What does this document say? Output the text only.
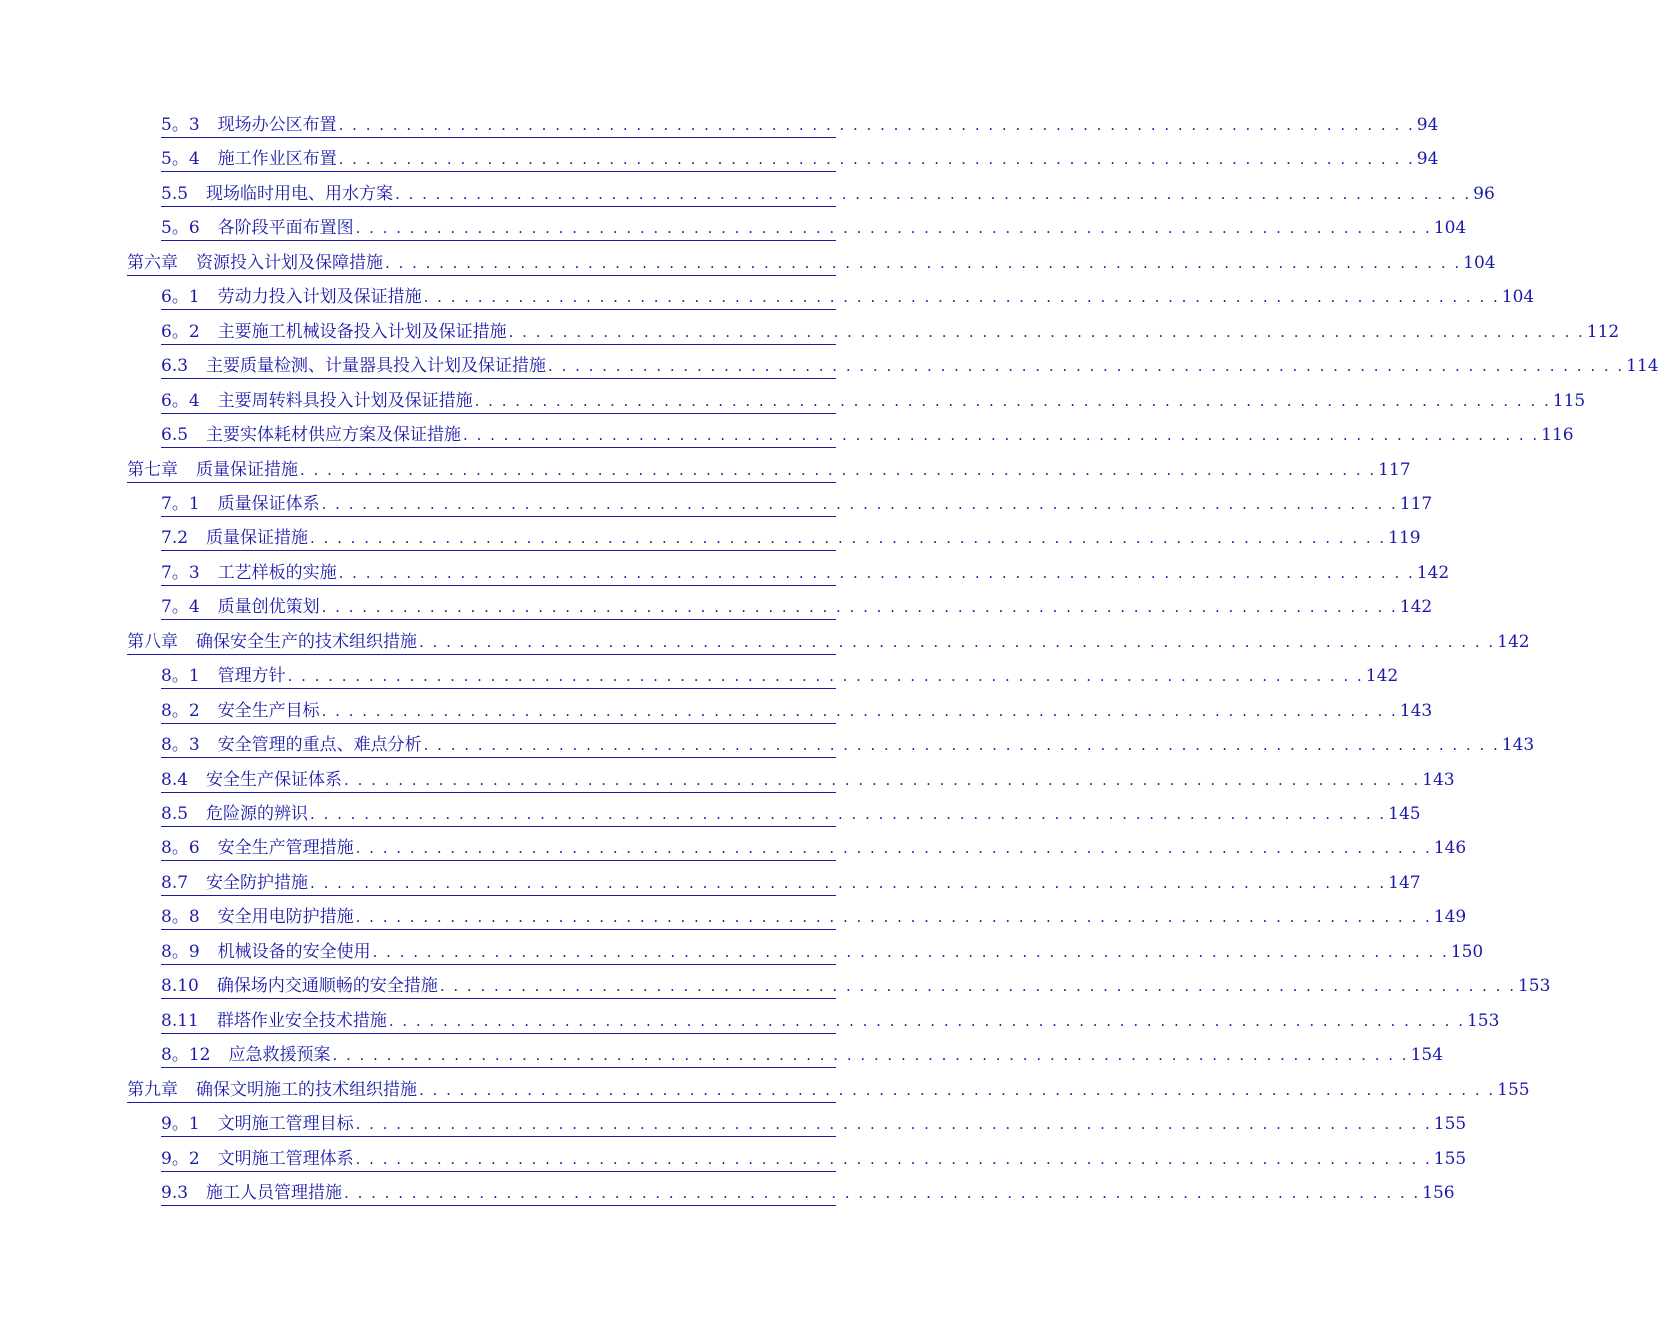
5。3 现场办公区布置 . . . . . . . . . . . . . . . . . . . . . . . . . . . . . . . . . . . . . . . . . . . . . . . . . . . . . . . . . . . . . . . . . . . . . . . . . . . . . . . . 94
5。4 施工作业区布置 . . . . . . . . . . . . . . . . . . . . . . . . . . . . . . . . . . . . . . . . . . . . . . . . . . . . . . . . . . . . . . . . . . . . . . . . . . . . . . . . 94
5.5 现场临时用电、用水方案 . . . . . . . . . . . . . . . . . . . . . . . . . . . . . . . . . . . . . . . . . . . . . . . . . . . . . . . . . . . . . . . . . . . . . . . . . . . . . . . . 96
5。6 各阶段平面布置图 . . . . . . . . . . . . . . . . . . . . . . . . . . . . . . . . . . . . . . . . . . . . . . . . . . . . . . . . . . . . . . . . . . . . . . . . . . . . . . . . 104
第六章 资源投入计划及保障措施 . . . . . . . . . . . . . . . . . . . . . . . . . . . . . . . . . . . . . . . . . . . . . . . . . . . . . . . . . . . . . . . . . . . . . . . . . . . . . . . . 104
6。1 劳动力投入计划及保证措施 . . . . . . . . . . . . . . . . . . . . . . . . . . . . . . . . . . . . . . . . . . . . . . . . . . . . . . . . . . . . . . . . . . . . . . . . . . . . . . . . 104
6。2 主要施工机械设备投入计划及保证措施 . . . . . . . . . . . . . . . . . . . . . . . . . . . . . . . . . . . . . . . . . . . . . . . . . . . . . . . . . . . . . . . . . . . . . . . . . . . . . . . . 112
6.3 主要质量检测、计量器具投入计划及保证措施 . . . . . . . . . . . . . . . . . . . . . . . . . . . . . . . . . . . . . . . . . . . . . . . . . . . . . . . . . . . . . . . . . . . . . . . . . . . . . . . . 114
6。4 主要周转料具投入计划及保证措施 . . . . . . . . . . . . . . . . . . . . . . . . . . . . . . . . . . . . . . . . . . . . . . . . . . . . . . . . . . . . . . . . . . . . . . . . . . . . . . . . 115
6.5 主要实体耗材供应方案及保证措施 . . . . . . . . . . . . . . . . . . . . . . . . . . . . . . . . . . . . . . . . . . . . . . . . . . . . . . . . . . . . . . . . . . . . . . . . . . . . . . . . 116
第七章 质量保证措施 . . . . . . . . . . . . . . . . . . . . . . . . . . . . . . . . . . . . . . . . . . . . . . . . . . . . . . . . . . . . . . . . . . . . . . . . . . . . . . . . 117
7。1 质量保证体系 . . . . . . . . . . . . . . . . . . . . . . . . . . . . . . . . . . . . . . . . . . . . . . . . . . . . . . . . . . . . . . . . . . . . . . . . . . . . . . . . 117
7.2 质量保证措施 . . . . . . . . . . . . . . . . . . . . . . . . . . . . . . . . . . . . . . . . . . . . . . . . . . . . . . . . . . . . . . . . . . . . . . . . . . . . . . . . 119
7。3 工艺样板的实施 . . . . . . . . . . . . . . . . . . . . . . . . . . . . . . . . . . . . . . . . . . . . . . . . . . . . . . . . . . . . . . . . . . . . . . . . . . . . . . . . 142
7。4 质量创优策划 . . . . . . . . . . . . . . . . . . . . . . . . . . . . . . . . . . . . . . . . . . . . . . . . . . . . . . . . . . . . . . . . . . . . . . . . . . . . . . . . 142
第八章 确保安全生产的技术组织措施 . . . . . . . . . . . . . . . . . . . . . . . . . . . . . . . . . . . . . . . . . . . . . . . . . . . . . . . . . . . . . . . . . . . . . . . . . . . . . . . . 142
8。1 管理方针 . . . . . . . . . . . . . . . . . . . . . . . . . . . . . . . . . . . . . . . . . . . . . . . . . . . . . . . . . . . . . . . . . . . . . . . . . . . . . . . . 142
8。2 安全生产目标 . . . . . . . . . . . . . . . . . . . . . . . . . . . . . . . . . . . . . . . . . . . . . . . . . . . . . . . . . . . . . . . . . . . . . . . . . . . . . . . . 143
8。3 安全管理的重点、难点分析 . . . . . . . . . . . . . . . . . . . . . . . . . . . . . . . . . . . . . . . . . . . . . . . . . . . . . . . . . . . . . . . . . . . . . . . . . . . . . . . . 143
8.4 安全生产保证体系 . . . . . . . . . . . . . . . . . . . . . . . . . . . . . . . . . . . . . . . . . . . . . . . . . . . . . . . . . . . . . . . . . . . . . . . . . . . . . . . . 143
8.5 危险源的辨识 . . . . . . . . . . . . . . . . . . . . . . . . . . . . . . . . . . . . . . . . . . . . . . . . . . . . . . . . . . . . . . . . . . . . . . . . . . . . . . . . 145
8。6 安全生产管理措施 . . . . . . . . . . . . . . . . . . . . . . . . . . . . . . . . . . . . . . . . . . . . . . . . . . . . . . . . . . . . . . . . . . . . . . . . . . . . . . . . 146
8.7 安全防护措施 . . . . . . . . . . . . . . . . . . . . . . . . . . . . . . . . . . . . . . . . . . . . . . . . . . . . . . . . . . . . . . . . . . . . . . . . . . . . . . . . 147
8。8 安全用电防护措施 . . . . . . . . . . . . . . . . . . . . . . . . . . . . . . . . . . . . . . . . . . . . . . . . . . . . . . . . . . . . . . . . . . . . . . . . . . . . . . . . 149
8。9 机械设备的安全使用 . . . . . . . . . . . . . . . . . . . . . . . . . . . . . . . . . . . . . . . . . . . . . . . . . . . . . . . . . . . . . . . . . . . . . . . . . . . . . . . . 150
8.10 确保场内交通顺畅的安全措施 . . . . . . . . . . . . . . . . . . . . . . . . . . . . . . . . . . . . . . . . . . . . . . . . . . . . . . . . . . . . . . . . . . . . . . . . . . . . . . . . 153
8.11 群塔作业安全技术措施 . . . . . . . . . . . . . . . . . . . . . . . . . . . . . . . . . . . . . . . . . . . . . . . . . . . . . . . . . . . . . . . . . . . . . . . . . . . . . . . . 153
8。12 应急救援预案 . . . . . . . . . . . . . . . . . . . . . . . . . . . . . . . . . . . . . . . . . . . . . . . . . . . . . . . . . . . . . . . . . . . . . . . . . . . . . . . . 154
第九章 确保文明施工的技术组织措施 . . . . . . . . . . . . . . . . . . . . . . . . . . . . . . . . . . . . . . . . . . . . . . . . . . . . . . . . . . . . . . . . . . . . . . . . . . . . . . . . 155
9。1 文明施工管理目标 . . . . . . . . . . . . . . . . . . . . . . . . . . . . . . . . . . . . . . . . . . . . . . . . . . . . . . . . . . . . . . . . . . . . . . . . . . . . . . . . 155
9。2 文明施工管理体系 . . . . . . . . . . . . . . . . . . . . . . . . . . . . . . . . . . . . . . . . . . . . . . . . . . . . . . . . . . . . . . . . . . . . . . . . . . . . . . . . 155
9.3 施工人员管理措施 . . . . . . . . . . . . . . . . . . . . . . . . . . . . . . . . . . . . . . . . . . . . . . . . . . . . . . . . . . . . . . . . . . . . . . . . . . . . . . . . 156
